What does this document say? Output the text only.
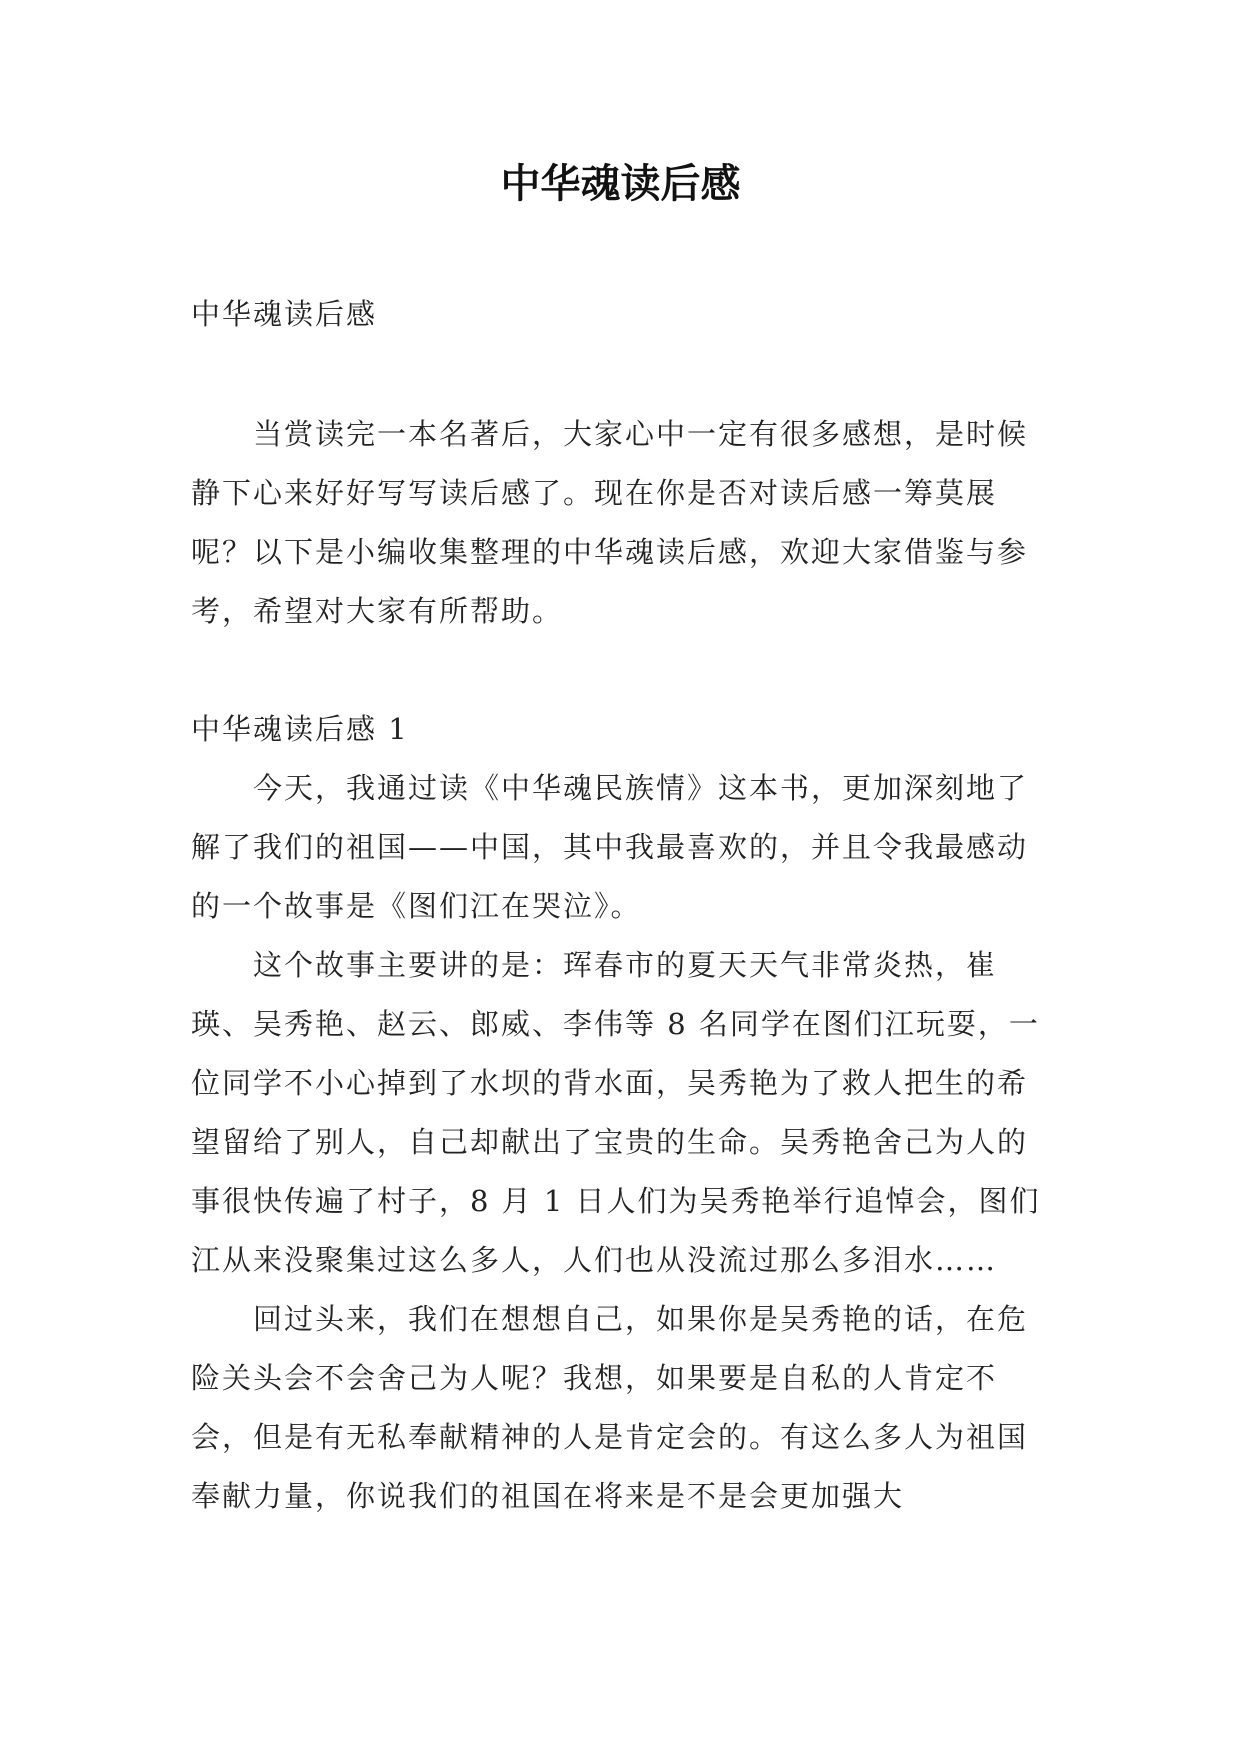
中华魂读后感

中华魂读后感

当赏读完一本名著后，大家心中一定有很多感想，是时候静下心来好好写写读后感了。现在你是否对读后感一筹莫展呢？以下是小编收集整理的中华魂读后感，欢迎大家借鉴与参考，希望对大家有所帮助。

中华魂读后感 1

今天，我通过读《中华魂民族情》这本书，更加深刻地了解了我们的祖国——中国，其中我最喜欢的，并且令我最感动的一个故事是《图们江在哭泣》。

这个故事主要讲的是：珲春市的夏天天气非常炎热，崔瑛、吴秀艳、赵云、郎威、李伟等 8 名同学在图们江玩耍，一位同学不小心掉到了水坝的背水面，吴秀艳为了救人把生的希望留给了别人，自己却献出了宝贵的生命。吴秀艳舍己为人的事很快传遍了村子，8 月 1 日人们为吴秀艳举行追悼会，图们江从来没聚集过这么多人，人们也从没流过那么多泪水……

回过头来，我们在想想自己，如果你是吴秀艳的话，在危险关头会不会舍己为人呢？我想，如果要是自私的人肯定不会，但是有无私奉献精神的人是肯定会的。有这么多人为祖国奉献力量，你说我们的祖国在将来是不是会更加强大
